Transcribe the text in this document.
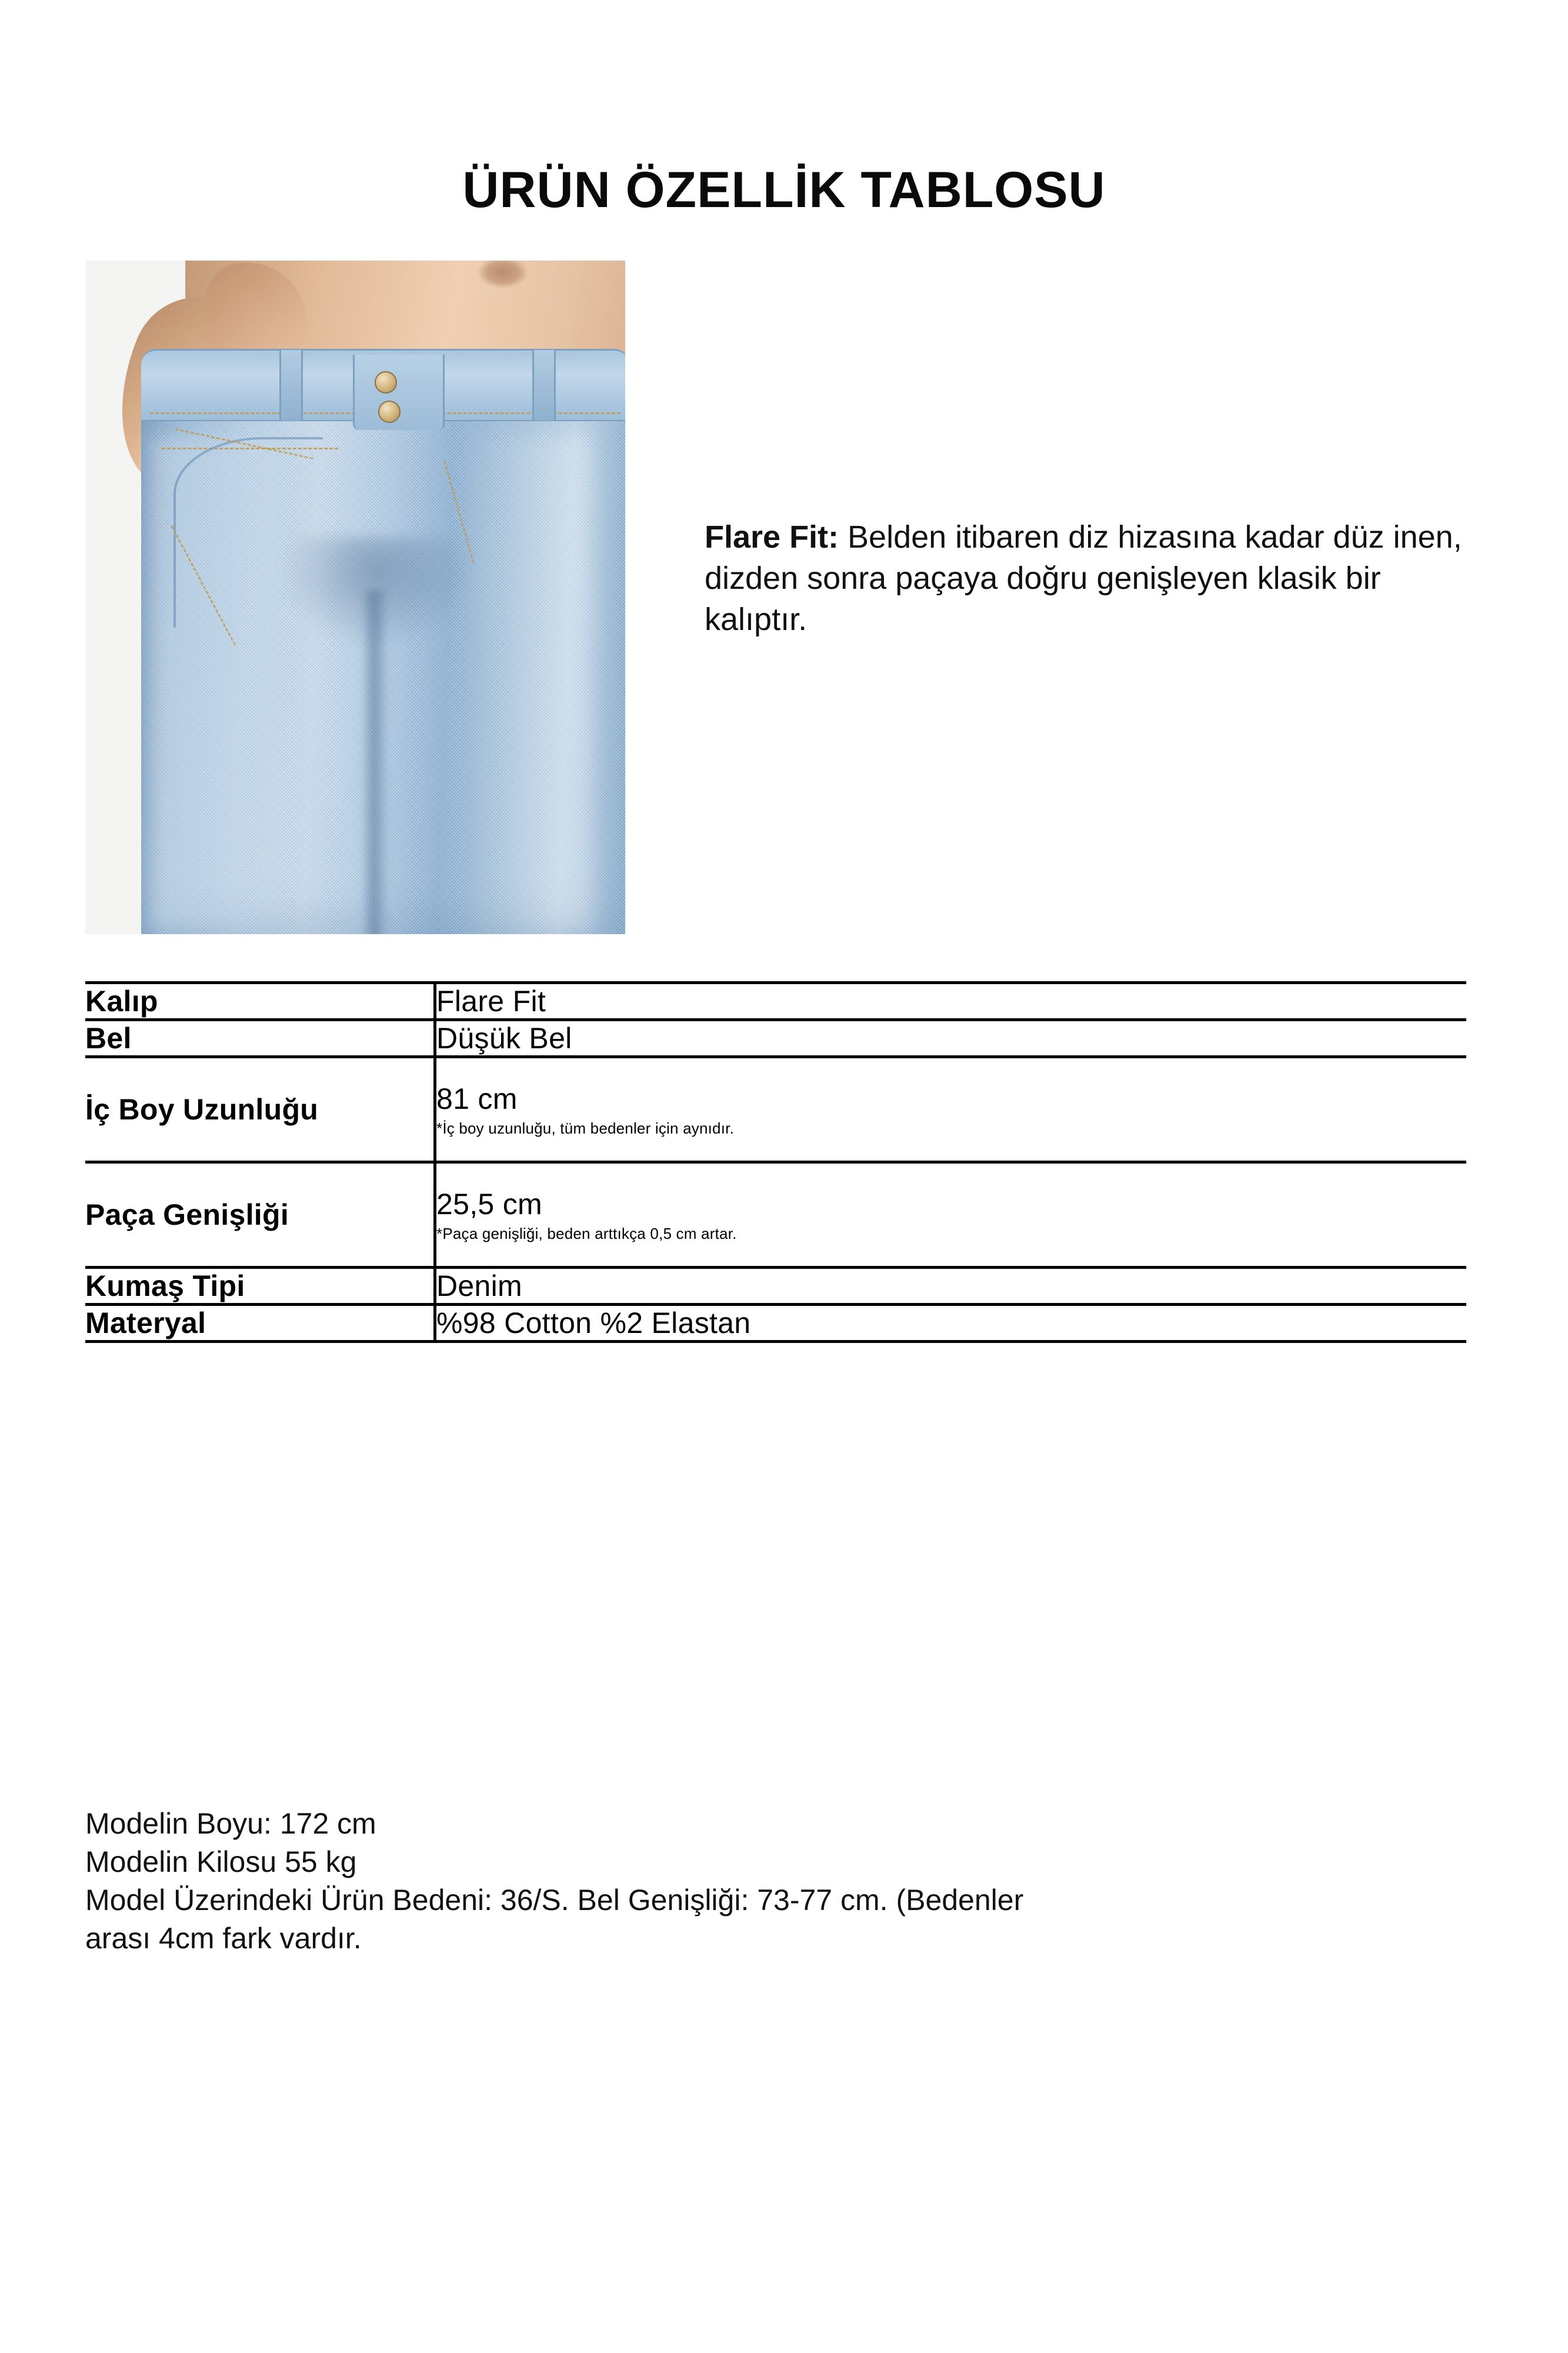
ÜRÜN ÖZELLİK TABLOSU
Flare Fit: Belden itibaren diz hizasına kadar düz inen, dizden sonra paçaya doğru genişleyen klasik bir kalıptır.
Kalıp	Flare Fit
Bel	Düşük Bel
İç Boy Uzunluğu	81 cm
*İç boy uzunluğu, tüm bedenler için aynıdır.

Paça Genişliği	25,5 cm
*Paça genişliği, beden arttıkça 0,5 cm artar.

Kumaş Tipi	Denim
Materyal	%98 Cotton %2 Elastan
Modelin Boyu: 172 cm
Modelin Kilosu 55 kg
Model Üzerindeki Ürün Bedeni: 36/S. Bel Genişliği: 73-77 cm. (Bedenler
arası 4cm fark vardır.
